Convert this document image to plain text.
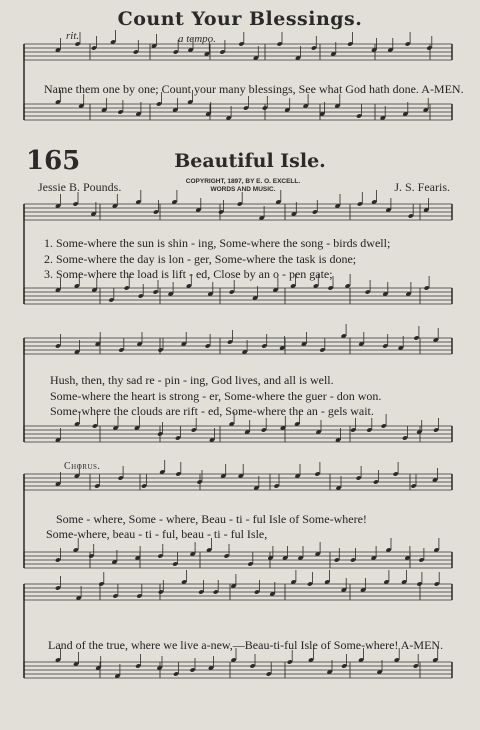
Count Your Blessings.
rit.	a tempo.
Name them one by one; Count your many blessings, See what God hath done. A-MEN.
165	Beautiful Isle.
Jessie B. Pounds.	COPYRIGHT, 1897, BY E. O. EXCELL.
WORDS AND MUSIC.	J. S. Fearis.
1. Some-where the sun is shin - ing, Some-where the song - birds dwell;
2. Some-where the day is lon - ger, Some-where the task is done;
3. Some-where the load is lift - ed, Close by an o - pen gate;
Hush, then, thy sad re - pin - ing, God lives, and all is well.
Some-where the heart is strong - er, Some-where the guer - don won.
Some-where the clouds are rift - ed, Some-where the an - gels wait.
Chorus.
Some - where, Some - where, Beau - ti - ful Isle of Some-where!
Some-where, beau - ti - ful, beau - ti - ful Isle,
Land of the true, where we live a-new,—Beau-ti-ful Isle of Some-where! A-MEN.
